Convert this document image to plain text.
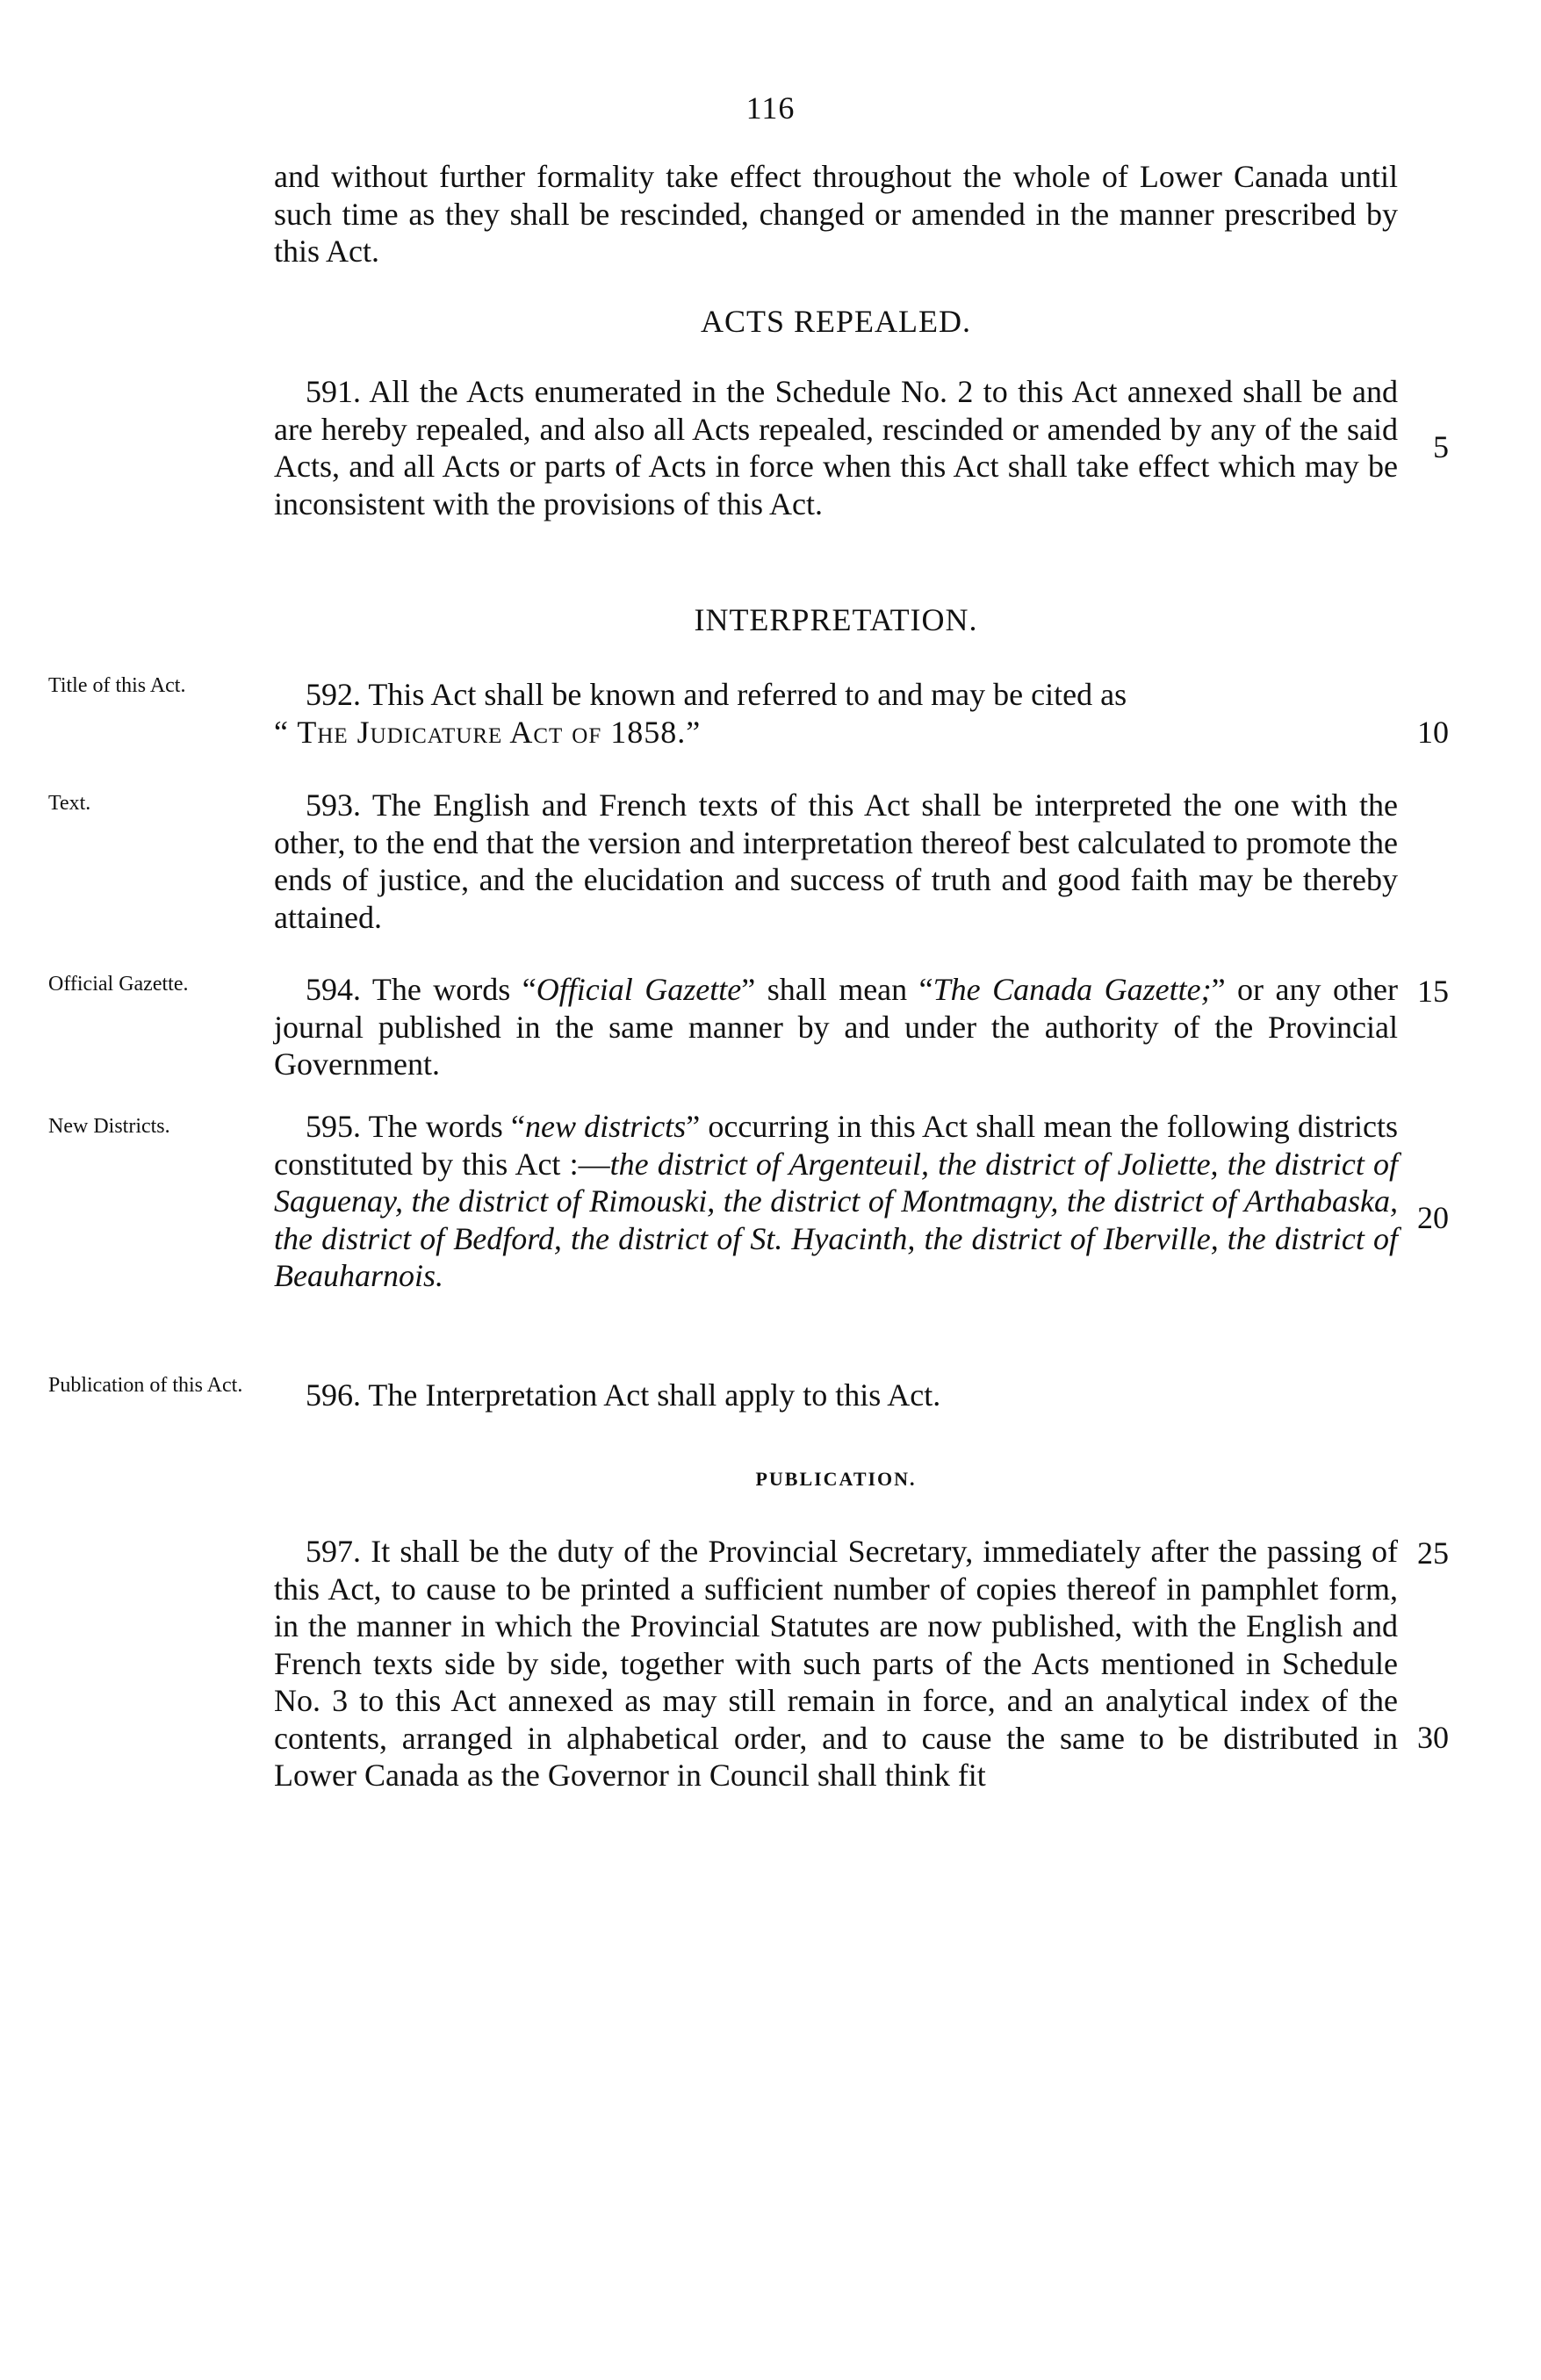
116

and without further formality take effect throughout the whole of Lower Canada until such time as they shall be rescinded, changed or amended in the manner prescribed by this Act.

ACTS REPEALED.

591. All the Acts enumerated in the Schedule No. 2 to this Act annexed shall be and are hereby repealed, and also all Acts repealed, rescinded or amended by any of the said Acts, and all Acts or parts of Acts in force when this Act shall take effect which may be inconsistent with the provisions of this Act.

5
INTERPRETATION.
Title of this Act.	592. This Act shall be known and referred to and may be cited as
“ The Judicature Act of 1858.”	10
Text.	593. The English and French texts of this Act shall be interpreted the one with the other, to the end that the version and interpretation thereof best calculated to promote the ends of justice, and the elucidation and success of truth and good faith may be thereby attained.

Official Gazette.	594. The words “Official Gazette” shall mean “The Canada Gazette;” or any other journal published in the same manner by and under the authority of the Provincial Government.

15
New Districts.	595. The words “new districts” occurring in this Act shall mean the following districts constituted by this Act :—the district of Argenteuil, the district of Joliette, the district of Saguenay, the district of Rimouski, the district of Montmagny, the district of Arthabaska, the district of Bedford, the district of St. Hyacinth, the district of Iberville, the district of Beauharnois.

20
Publication of this Act.	596. The Interpretation Act shall apply to this Act.

PUBLICATION.

597. It shall be the duty of the Provincial Secretary, immediately after the passing of this Act, to cause to be printed a sufficient number of copies thereof in pamphlet form, in the manner in which the Provincial Statutes are now published, with the English and French texts side by side, together with such parts of the Acts mentioned in Schedule No. 3 to this Act annexed as may still remain in force, and an analytical index of the contents, arranged in alphabetical order, and to cause the same to be distributed in Lower Canada as the Governor in Council shall think fit

25
30
